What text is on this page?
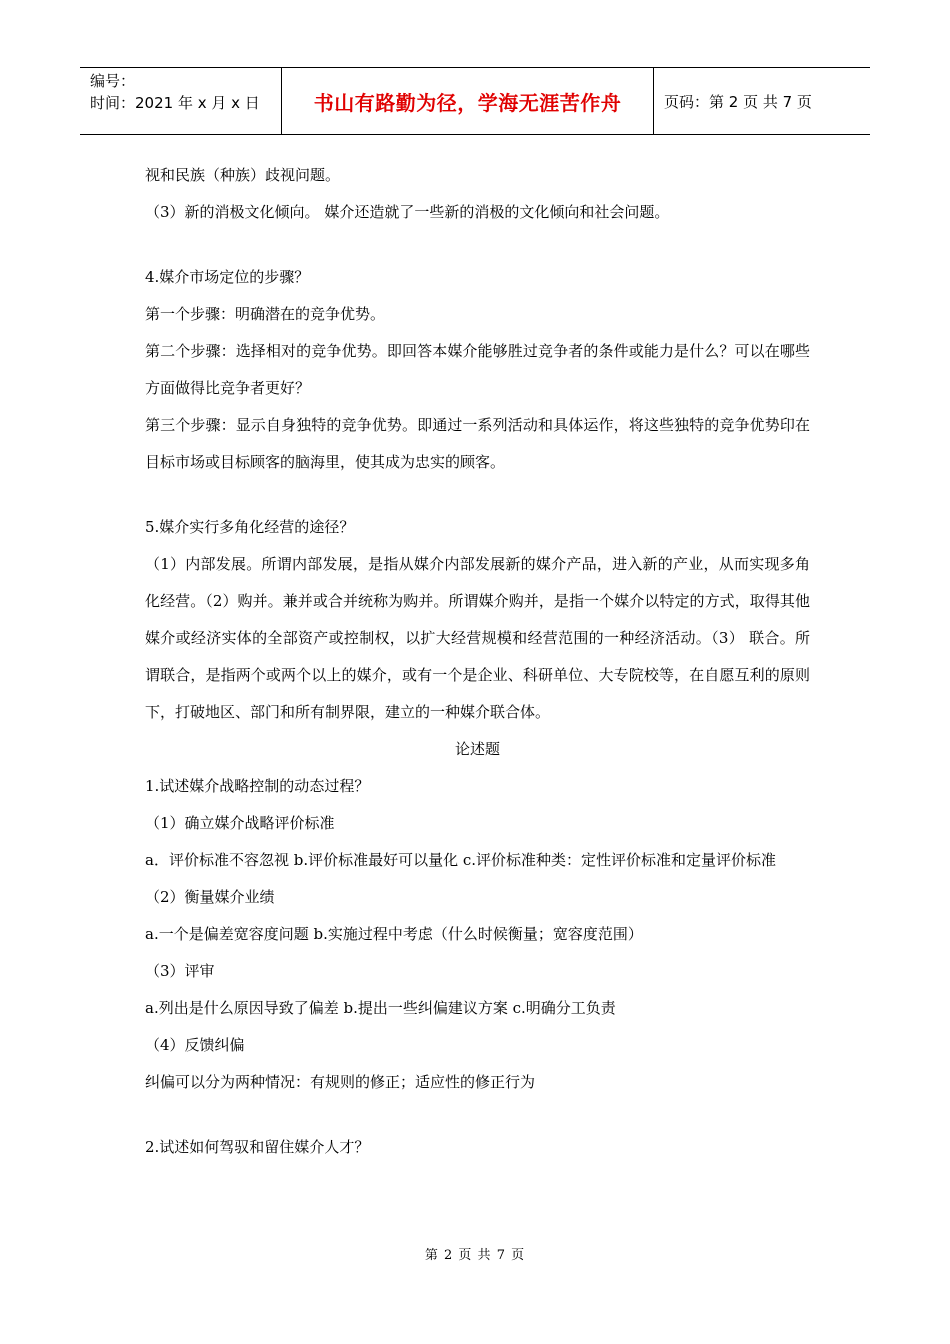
编号：
时间：2021 年 x 月 x 日	书山有路勤为径，学海无涯苦作舟	页码：第 2 页 共 7 页

视和民族（种族）歧视问题。

（3）新的消极文化倾向。 媒介还造就了一些新的消极的文化倾向和社会问题。

4.媒介市场定位的步骤？

第一个步骤：明确潜在的竞争优势。

第二个步骤：选择相对的竞争优势。即回答本媒介能够胜过竞争者的条件或能力是什么？可以在哪些方面做得比竞争者更好？

第三个步骤：显示自身独特的竞争优势。即通过一系列活动和具体运作，将这些独特的竞争优势印在目标市场或目标顾客的脑海里，使其成为忠实的顾客。

5.媒介实行多角化经营的途径？

（1）内部发展。所谓内部发展，是指从媒介内部发展新的媒介产品，进入新的产业，从而实现多角化经营。（2）购并。兼并或合并统称为购并。所谓媒介购并，是指一个媒介以特定的方式，取得其他媒介或经济实体的全部资产或控制权，以扩大经营规模和经营范围的一种经济活动。（3） 联合。所谓联合，是指两个或两个以上的媒介，或有一个是企业、科研单位、大专院校等，在自愿互利的原则下，打破地区、部门和所有制界限，建立的一种媒介联合体。

论述题

1.试述媒介战略控制的动态过程？

（1）确立媒介战略评价标准

a．评价标准不容忽视 b.评价标准最好可以量化 c.评价标准种类：定性评价标准和定量评价标准

（2）衡量媒介业绩

a.一个是偏差宽容度问题 b.实施过程中考虑（什么时候衡量；宽容度范围）

（3）评审

a.列出是什么原因导致了偏差 b.提出一些纠偏建议方案 c.明确分工负责

（4）反馈纠偏

纠偏可以分为两种情况：有规则的修正；适应性的修正行为

2.试述如何驾驭和留住媒介人才？

第 2 页 共 7 页
